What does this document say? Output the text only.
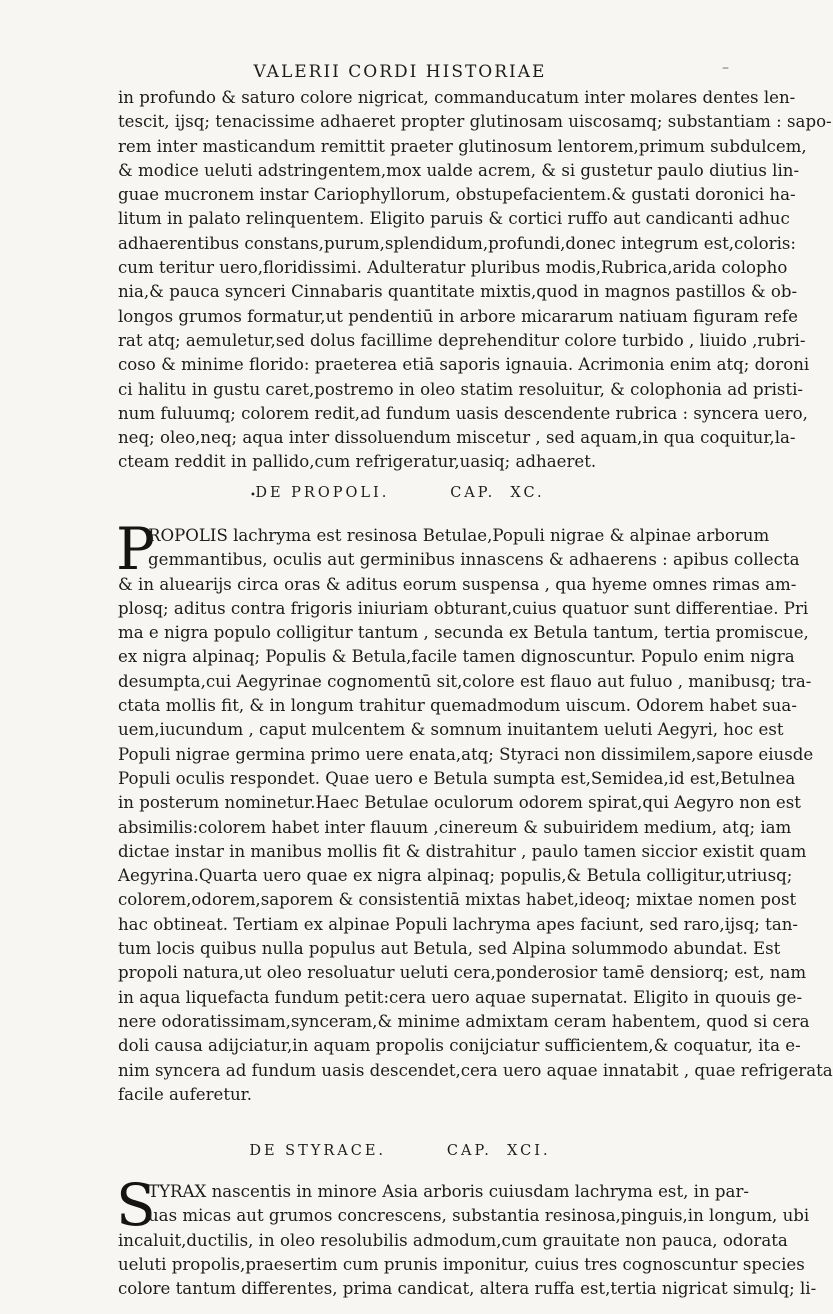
VALERII CORDI HISTORIAE	–
in profundo & saturo colore nigricat, commanducatum inter molares dentes len-
tescit, ijsq; tenacissime adhaeret propter glutinosam uiscosamq; substantiam : sapo-
rem inter masticandum remittit praeter glutinosum lentorem,primum subdulcem,
& modice ueluti adstringentem,mox ualde acrem, & si gustetur paulo diutius lin-
guae mucronem instar Cariophyllorum, obstupefacientem.& gustati doronici ha-
litum in palato relinquentem. Eligito paruis & cortici ruffo aut candicanti adhuc
adhaerentibus constans,purum,splendidum,profundi,donec integrum est,coloris:
cum teritur uero,floridissimi. Adulteratur pluribus modis,Rubrica,arida colopho
nia,& pauca synceri Cinnabaris quantitate mixtis,quod in magnos pastillos & ob-
longos grumos formatur,ut pendentiū in arbore micararum natiuam figuram refe
rat atq; aemuletur,sed dolus facillime deprehenditur colore turbido , liuido ,rubri-
coso & minime florido: praeterea etiā saporis ignauia. Acrimonia enim atq; doroni
ci halitu in gustu caret,postremo in oleo statim resoluitur, & colophonia ad pristi-
num fuluumq; colorem redit,ad fundum uasis descendente rubrica : syncera uero,
neq; oleo,neq; aqua inter dissoluendum miscetur , sed aquam,in qua coquitur,la-
cteam reddit in pallido,cum refrigeratur,uasiq; adhaeret.
• DE PROPOLI.        CAP.  XC.
P
ROPOLIS lachryma est resinosa Betulae,Populi nigrae & alpinae arborum
gemmantibus, oculis aut germinibus innascens & adhaerens : apibus collecta
& in aluearijs circa oras & aditus eorum suspensa , qua hyeme omnes rimas am-
plosq; aditus contra frigoris iniuriam obturant,cuius quatuor sunt differentiae. Pri
ma e nigra populo colligitur tantum , secunda ex Betula tantum, tertia promiscue,
ex nigra alpinaq; Populis & Betula,facile tamen dignoscuntur. Populo enim nigra
desumpta,cui Aegyrinae cognomentū sit,colore est flauo aut fuluo , manibusq; tra-
ctata mollis fit, & in longum trahitur quemadmodum uiscum. Odorem habet sua-
uem,iucundum , caput mulcentem & somnum inuitantem ueluti Aegyri, hoc est
Populi nigrae germina primo uere enata,atq; Styraci non dissimilem,sapore eiusde
Populi oculis respondet. Quae uero e Betula sumpta est,Semidea,id est,Betulnea
in posterum nominetur.Haec Betulae oculorum odorem spirat,qui Aegyro non est
absimilis:colorem habet inter flauum ,cinereum & subuiridem medium, atq; iam
dictae instar in manibus mollis fit & distrahitur , paulo tamen siccior existit quam
Aegyrina.Quarta uero quae ex nigra alpinaq; populis,& Betula colligitur,utriusq;
colorem,odorem,saporem & consistentiā mixtas habet,ideoq; mixtae nomen post
hac obtineat. Tertiam ex alpinae Populi lachryma apes faciunt, sed raro,ijsq; tan-
tum locis quibus nulla populus aut Betula, sed Alpina solummodo abundat. Est
propoli natura,ut oleo resoluatur ueluti cera,ponderosior tamē densiorq; est, nam
in aqua liquefacta fundum petit:cera uero aquae supernatat. Eligito in quouis ge-
nere odoratissimam,synceram,& minime admixtam ceram habentem, quod si cera
doli causa adijciatur,in aquam propolis conijciatur sufficientem,& coquatur, ita e-
nim syncera ad fundum uasis descendet,cera uero aquae innatabit , quae refrigerata
facile auferetur.
DE STYRACE.        CAP.  XCI.
S
TYRAX nascentis in minore Asia arboris cuiusdam lachryma est, in par-
uas micas aut grumos concrescens, substantia resinosa,pinguis,in longum, ubi
incaluit,ductilis, in oleo resolubilis admodum,cum grauitate non pauca, odorata
ueluti propolis,praesertim cum prunis imponitur, cuius tres cognoscuntur species
colore tantum differentes, prima candicat, altera ruffa est,tertia nigricat simulq; li-
